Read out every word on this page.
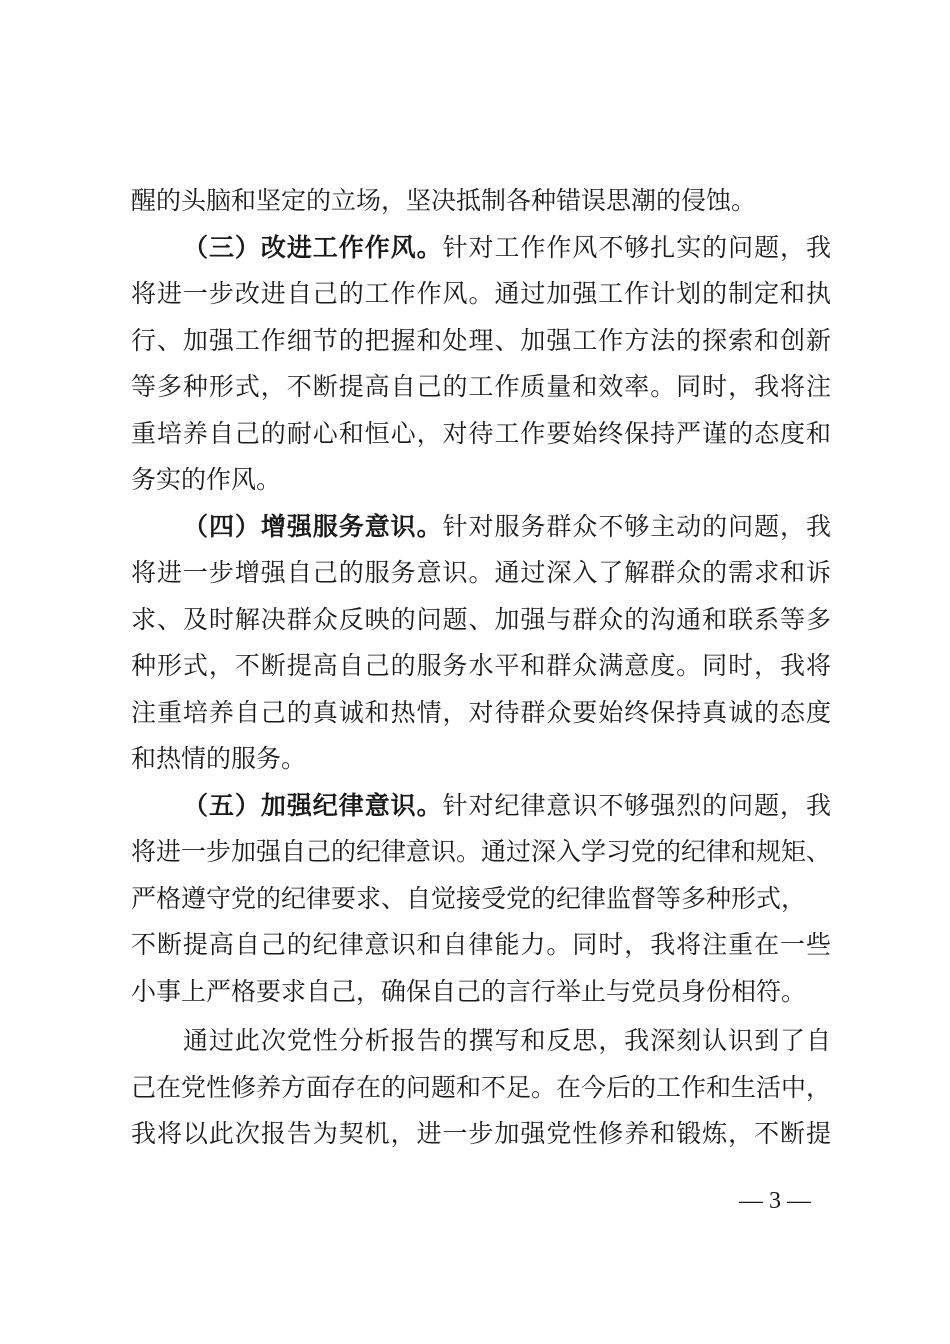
醒的头脑和坚定的立场，坚决抵制各种错误思潮的侵蚀。
（三）改进工作作风。针对工作作风不够扎实的问题，我
将进一步改进自己的工作作风。通过加强工作计划的制定和执
行、加强工作细节的把握和处理、加强工作方法的探索和创新
等多种形式，不断提高自己的工作质量和效率。同时，我将注
重培养自己的耐心和恒心，对待工作要始终保持严谨的态度和
务实的作风。
（四）增强服务意识。针对服务群众不够主动的问题，我
将进一步增强自己的服务意识。通过深入了解群众的需求和诉
求、及时解决群众反映的问题、加强与群众的沟通和联系等多
种形式，不断提高自己的服务水平和群众满意度。同时，我将
注重培养自己的真诚和热情，对待群众要始终保持真诚的态度
和热情的服务。
（五）加强纪律意识。针对纪律意识不够强烈的问题，我
将进一步加强自己的纪律意识。通过深入学习党的纪律和规矩、
严格遵守党的纪律要求、自觉接受党的纪律监督等多种形式，
不断提高自己的纪律意识和自律能力。同时，我将注重在一些
小事上严格要求自己，确保自己的言行举止与党员身份相符。
通过此次党性分析报告的撰写和反思，我深刻认识到了自
己在党性修养方面存在的问题和不足。在今后的工作和生活中，
我将以此次报告为契机，进一步加强党性修养和锻炼，不断提
— 3 —
